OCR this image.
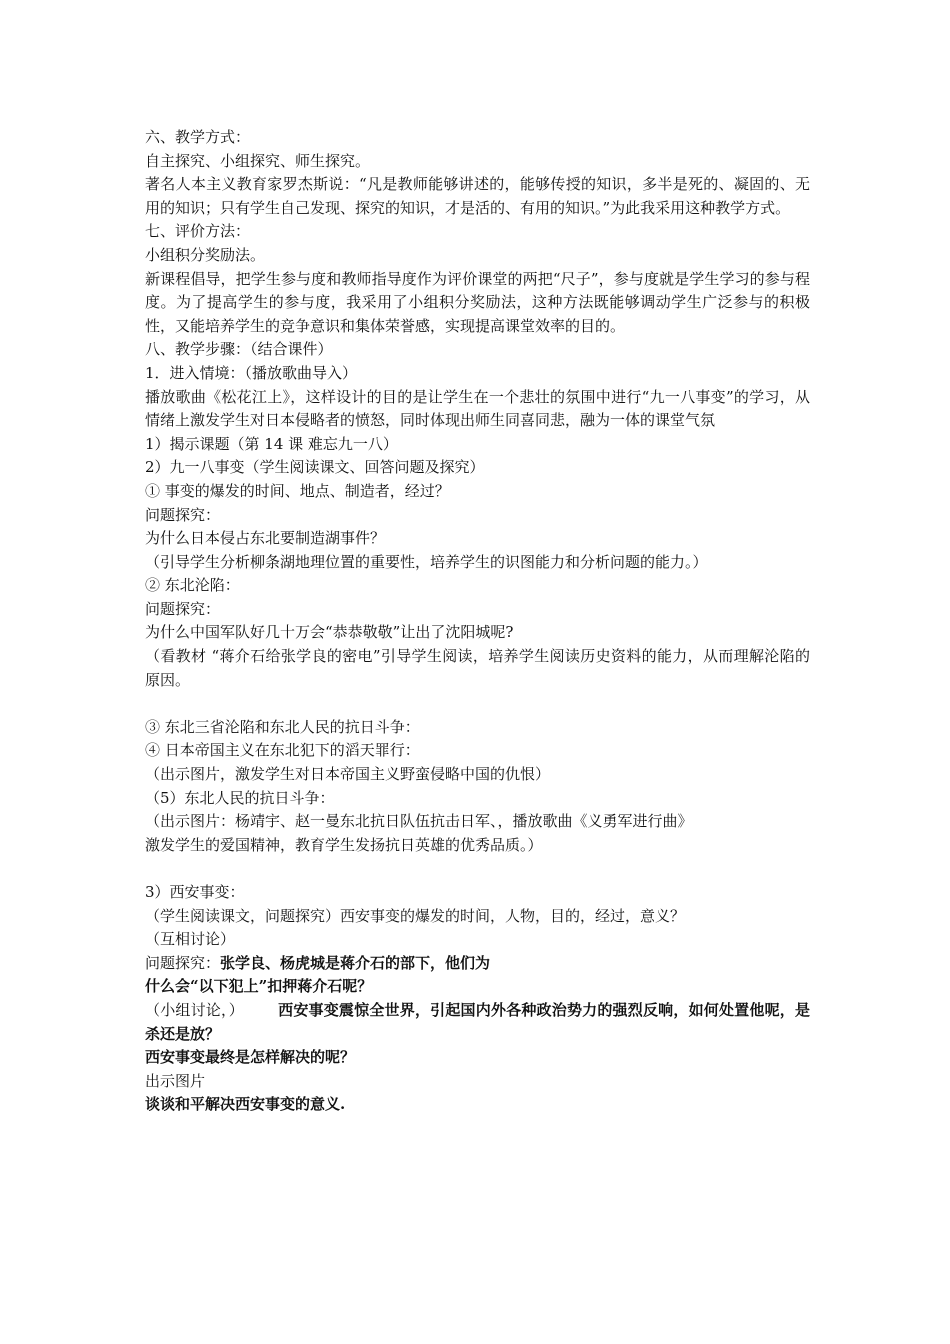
六、教学方式：
自主探究、小组探究、师生探究。
著名人本主义教育家罗杰斯说：“凡是教师能够讲述的，能够传授的知识，多半是死的、凝固的、无用的知识；只有学生自己发现、探究的知识，才是活的、有用的知识。”为此我采用这种教学方式。
七、评价方法：
小组积分奖励法。
新课程倡导，把学生参与度和教师指导度作为评价课堂的两把“尺子”，参与度就是学生学习的参与程度。为了提高学生的参与度，我采用了小组积分奖励法，这种方法既能够调动学生广泛参与的积极性，又能培养学生的竞争意识和集体荣誉感，实现提高课堂效率的目的。
八、教学步骤：（结合课件）
1．进入情境：（播放歌曲导入）
播放歌曲《松花江上》，这样设计的目的是让学生在一个悲壮的氛围中进行“九一八事变”的学习，从情绪上激发学生对日本侵略者的愤怒，同时体现出师生同喜同悲，融为一体的课堂气氛
1）揭示课题（第 14 课 难忘九一八）
2）九一八事变（学生阅读课文、回答问题及探究）
① 事变的爆发的时间、地点、制造者，经过？
问题探究：
为什么日本侵占东北要制造湖事件？
（引导学生分析柳条湖地理位置的重要性，培养学生的识图能力和分析问题的能力。）
② 东北沦陷：
问题探究：
为什么中国军队好几十万会“恭恭敬敬”让出了沈阳城呢?
（看教材 “蒋介石给张学良的密电”引导学生阅读，培养学生阅读历史资料的能力，从而理解沦陷的原因。
③ 东北三省沦陷和东北人民的抗日斗争：
④ 日本帝国主义在东北犯下的滔天罪行：
（出示图片，激发学生对日本帝国主义野蛮侵略中国的仇恨）
（5）东北人民的抗日斗争：
（出示图片：杨靖宇、赵一曼东北抗日队伍抗击日军、，播放歌曲《义勇军进行曲》
激发学生的爱国精神，教育学生发扬抗日英雄的优秀品质。）
3）西安事变：
（学生阅读课文，问题探究）西安事变的爆发的时间，人物，目的，经过，意义？
（互相讨论）
问题探究：张学良、杨虎城是蒋介石的部下，他们为
什么会“以下犯上”扣押蒋介石呢？
（小组讨论，） 西安事变震惊全世界，引起国内外各种政治势力的强烈反响，如何处置他呢，是杀还是放？
西安事变最终是怎样解决的呢？
出示图片
谈谈和平解决西安事变的意义.
